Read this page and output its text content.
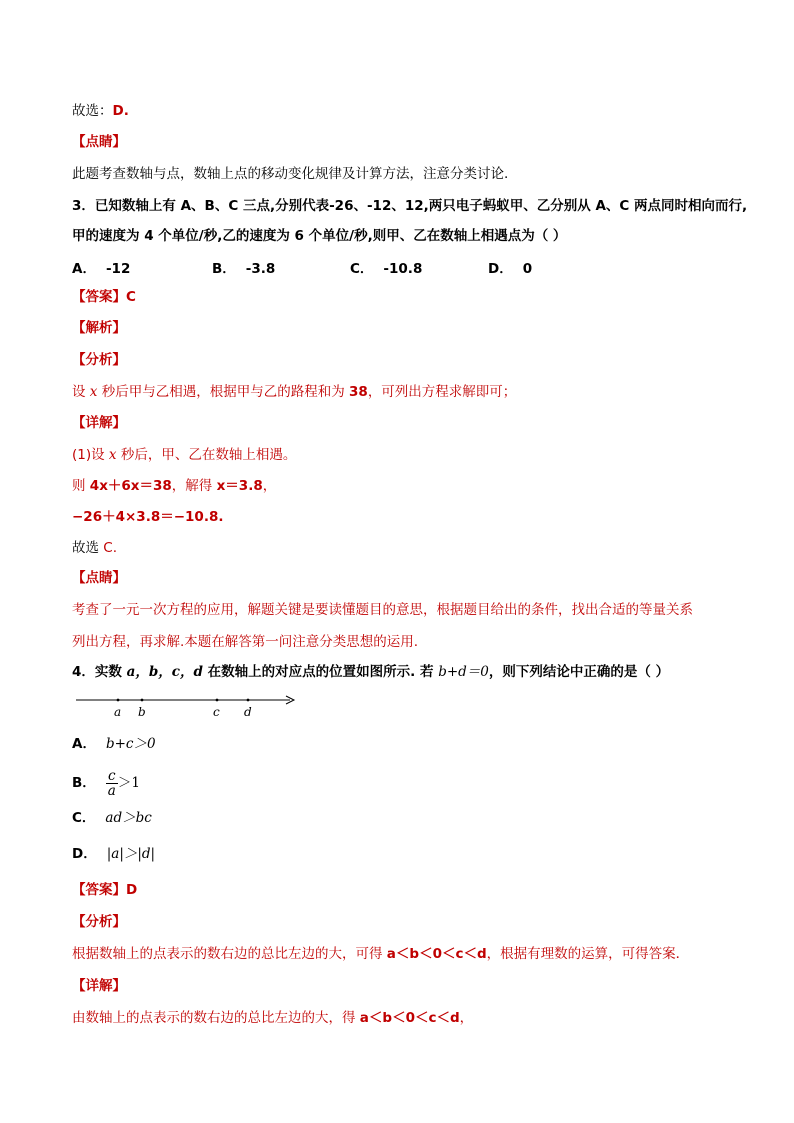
故选：D.
【点睛】
此题考查数轴与点，数轴上点的移动变化规律及计算方法，注意分类讨论.
3．已知数轴上有 A、B、C 三点,分别代表-26、-12、12,两只电子蚂蚁甲、乙分别从 A、C 两点同时相向而行,
甲的速度为 4 个单位/秒,乙的速度为 6 个单位/秒,则甲、乙在数轴上相遇点为（ ）
A． -12	B． -3.8	C． -10.8	D． 0
【答案】C
【解析】
【分析】
设 x 秒后甲与乙相遇，根据甲与乙的路程和为 38，可列出方程求解即可；
【详解】
(1)设 x 秒后，甲、乙在数轴上相遇。
则 4x＋6x＝38，解得 x＝3.8，
−26＋4×3.8＝−10.8.
故选 C.
【点睛】
考查了一元一次方程的应用，解题关键是要读懂题目的意思，根据题目给出的条件，找出合适的等量关系
列出方程，再求解.本题在解答第一问注意分类思想的运用.
4．实数 a，b，c，d 在数轴上的对应点的位置如图所示. 若 b+d＝0，则下列结论中正确的是（ ）
a b	c d
A． b+c＞0
B． $\frac{c}{a} >1$
C． ad＞bc
D． |a|＞|d|
【答案】D
【分析】
根据数轴上的点表示的数右边的总比左边的大，可得 a＜b＜0＜c＜d，根据有理数的运算，可得答案．
【详解】
由数轴上的点表示的数右边的总比左边的大，得 a＜b＜0＜c＜d，
